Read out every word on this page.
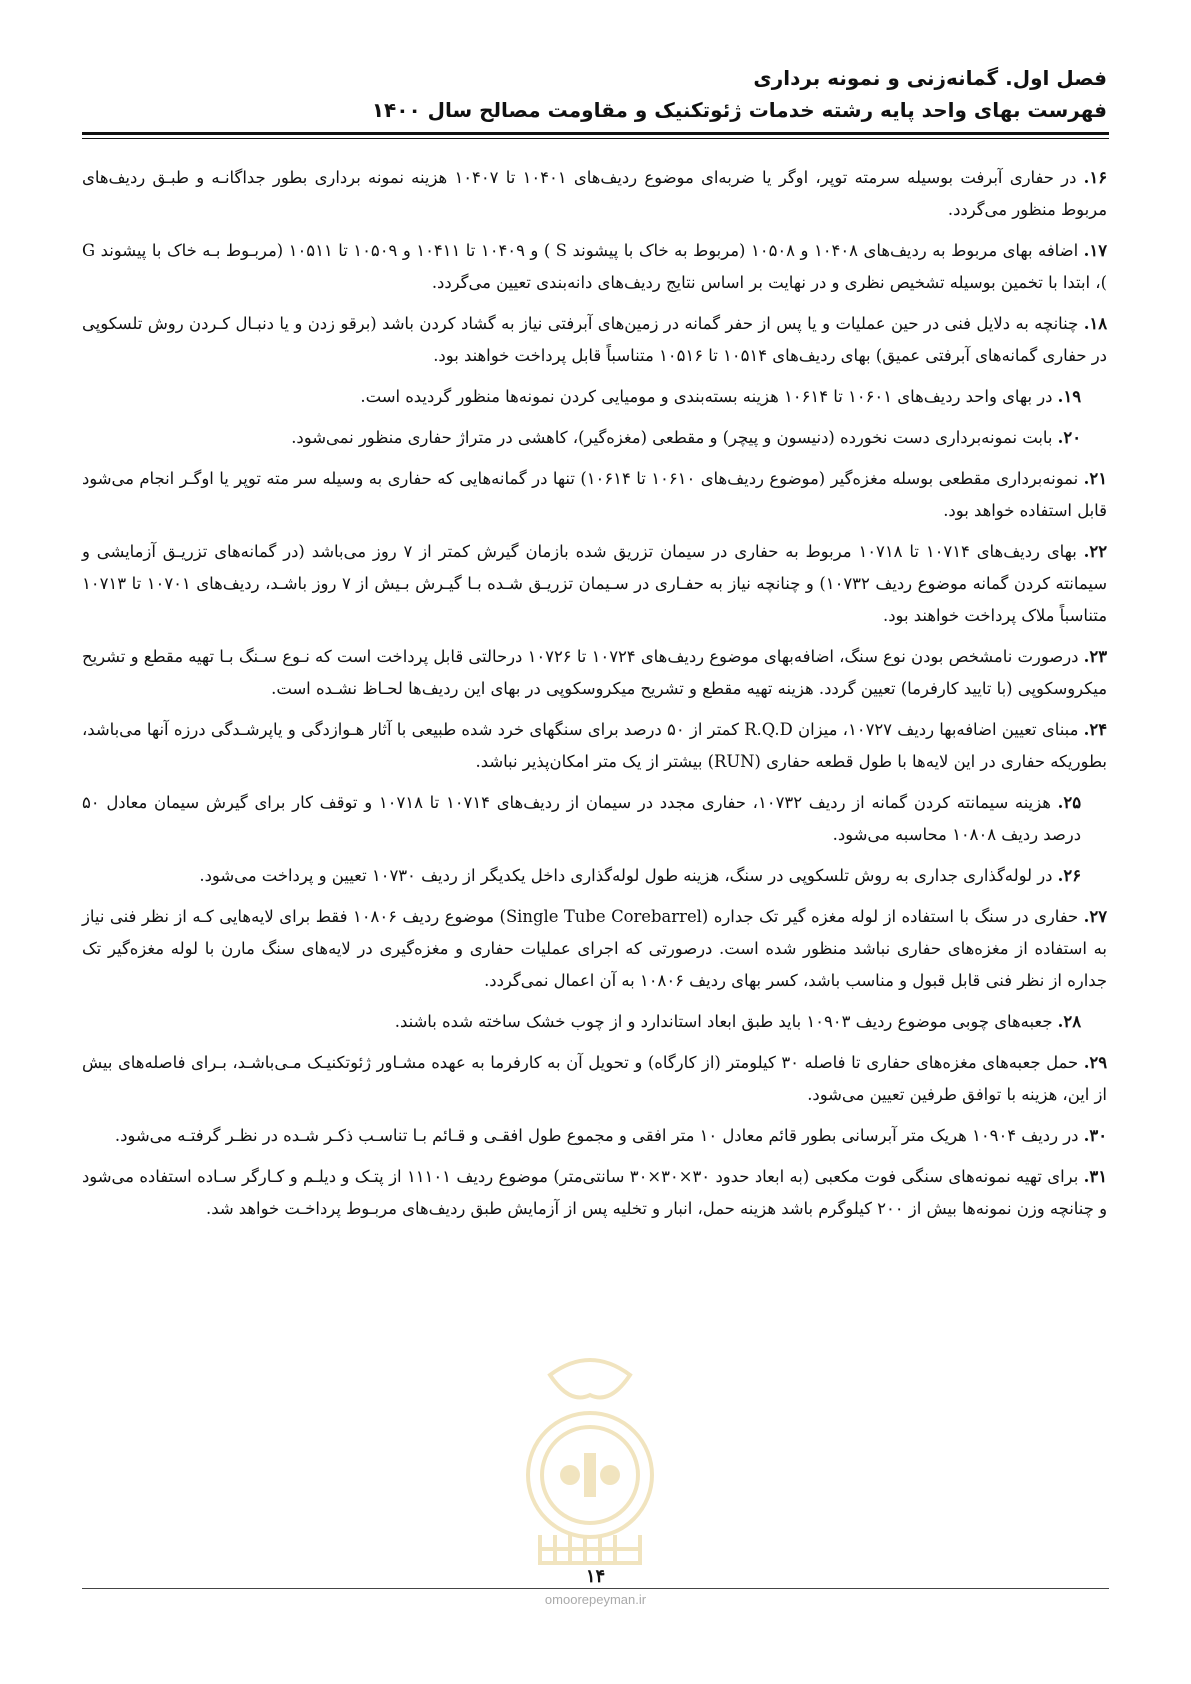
فصل اول. گمانه‌زنی و نمونه برداری
فهرست بهای واحد پایه رشته خدمات ژئوتکنیک و مقاومت مصالح سال ۱۴۰۰
۱۶. در حفاری آبرفت بوسیله سرمته توپر، اوگر یا ضربه‌ای موضوع ردیف‌های ۱۰۴۰۱ تا ۱۰۴۰۷ هزینه نمونه برداری بطور جداگانـه و طبـق ردیف‌های مربوط منظور می‌گردد.
۱۷. اضافه بهای مربوط به ردیف‌های ۱۰۴۰۸ و ۱۰۵۰۸ (مربوط به خاک با پیشوند S ) و ۱۰۴۰۹ تا ۱۰۴۱۱ و ۱۰۵۰۹ تا ۱۰۵۱۱ (مربـوط بـه خاک با پیشوند G )، ابتدا با تخمین بوسیله تشخیص نظری و در نهایت بر اساس نتایج ردیف‌های دانه‌بندی تعیین می‌گردد.
۱۸. چنانچه به دلایل فنی در حین عملیات و یا پس از حفر گمانه در زمین‌های آبرفتی نیاز به گشاد کردن باشد (برقو زدن و یا دنبـال کـردن روش تلسکوپی در حفاری گمانه‌های آبرفتی عمیق) بهای ردیف‌های ۱۰۵۱۴ تا ۱۰۵۱۶ متناسباً قابل پرداخت خواهند بود.
۱۹. در بهای واحد ردیف‌های ۱۰۶۰۱ تا ۱۰۶۱۴ هزینه بسته‌بندی و مومیایی کردن نمونه‌ها منظور گردیده است.
۲۰. بابت نمونه‌برداری دست نخورده (دنیسون و پیچر) و مقطعی (مغزه‌گیر)، کاهشی در متراژ حفاری منظور نمی‌شود.
۲۱. نمونه‌برداری مقطعی بوسله مغزه‌گیر (موضوع ردیف‌های ۱۰۶۱۰ تا ۱۰۶۱۴) تنها در گمانه‌هایی که حفاری به وسیله سر مته توپر یا اوگـر انجام می‌شود قابل استفاده خواهد بود.
۲۲. بهای ردیف‌های ۱۰۷۱۴ تا ۱۰۷۱۸ مربوط به حفاری در سیمان تزریق شده بازمان گیرش کمتر از ۷ روز می‌باشد (در گمانه‌های تزریـق آزمایشی و سیمانته کردن گمانه موضوع ردیف ۱۰۷۳۲) و چنانچه نیاز به حفـاری در سـیمان تزریـق شـده بـا گیـرش بـیش از ۷ روز باشـد، ردیف‌های ۱۰۷۰۱ تا ۱۰۷۱۳ متناسباً ملاک پرداخت خواهند بود.
۲۳. درصورت نامشخص بودن نوع سنگ، اضافه‌بهای موضوع ردیف‌های ۱۰۷۲۴ تا ۱۰۷۲۶ درحالتی قابل پرداخت است که نـوع سـنگ بـا تهیه مقطع و تشریح میکروسکوپی (با تایید کارفرما) تعیین گردد. هزینه تهیه مقطع و تشریح میکروسکوپی در بهای این ردیف‌ها لحـاظ نشـده است.
۲۴. مبنای تعیین اضافه‌بها ردیف ۱۰۷۲۷، میزان R.Q.D کمتر از ۵۰ درصد برای سنگهای خرد شده طبیعی با آثار هـوازدگی و یاپرشـدگی درزه آنها می‌باشد، بطوریکه حفاری در این لایه‌ها با طول قطعه حفاری (RUN) بیشتر از یک متر امکان‌پذیر نباشد.
۲۵. هزینه سیمانته کردن گمانه از ردیف ۱۰۷۳۲، حفاری مجدد در سیمان از ردیف‌های ۱۰۷۱۴ تا ۱۰۷۱۸ و توقف کار برای گیرش سیمان معادل ۵۰ درصد ردیف ۱۰۸۰۸ محاسبه می‌شود.
۲۶. در لوله‌گذاری جداری به روش تلسکوپی در سنگ، هزینه طول لوله‌گذاری داخل یکدیگر از ردیف ۱۰۷۳۰ تعیین و پرداخت می‌شود.
۲۷. حفاری در سنگ با استفاده از لوله مغزه گیر تک جداره (Single Tube Corebarrel) موضوع ردیف ۱۰۸۰۶ فقط برای لایه‌هایی کـه از نظر فنی نیاز به استفاده از مغزه‌های حفاری نباشد منظور شده است. درصورتی که اجرای عملیات حفاری و مغزه‌گیری در لایه‌های سنگ مارن با لوله مغزه‌گیر تک جداره از نظر فنی قابل قبول و مناسب باشد، کسر بهای ردیف ۱۰۸۰۶ به آن اعمال نمی‌گردد.
۲۸. جعبه‌های چوبی موضوع ردیف ۱۰۹۰۳ باید طبق ابعاد استاندارد و از چوب خشک ساخته شده باشند.
۲۹. حمل جعبه‌های مغزه‌های حفاری تا فاصله ۳۰ کیلومتر (از کارگاه) و تحویل آن به کارفرما به عهده مشـاور ژئوتکنیـک مـی‌باشـد، بـرای فاصله‌های بیش از این، هزینه با توافق طرفین تعیین می‌شود.
۳۰. در ردیف ۱۰۹۰۴ هریک متر آبرسانی بطور قائم معادل ۱۰ متر افقی و مجموع طول افقـی و قـائم بـا تناسـب ذکـر شـده در نظـر گرفتـه می‌شود.
۳۱. برای تهیه نمونه‌های سنگی فوت مکعبی (به ابعاد حدود ۳۰×۳۰×۳۰ سانتی‌متر) موضوع ردیف ۱۱۱۰۱ از پتـک و دیلـم و کـارگر سـاده استفاده می‌شود و چنانچه وزن نمونه‌ها بیش از ۲۰۰ کیلوگرم باشد هزینه حمل، انبار و تخلیه پس از آزمایش طبق ردیف‌های مربـوط پرداخـت خواهد شد.
۱۴
omoorepeyman.ir
